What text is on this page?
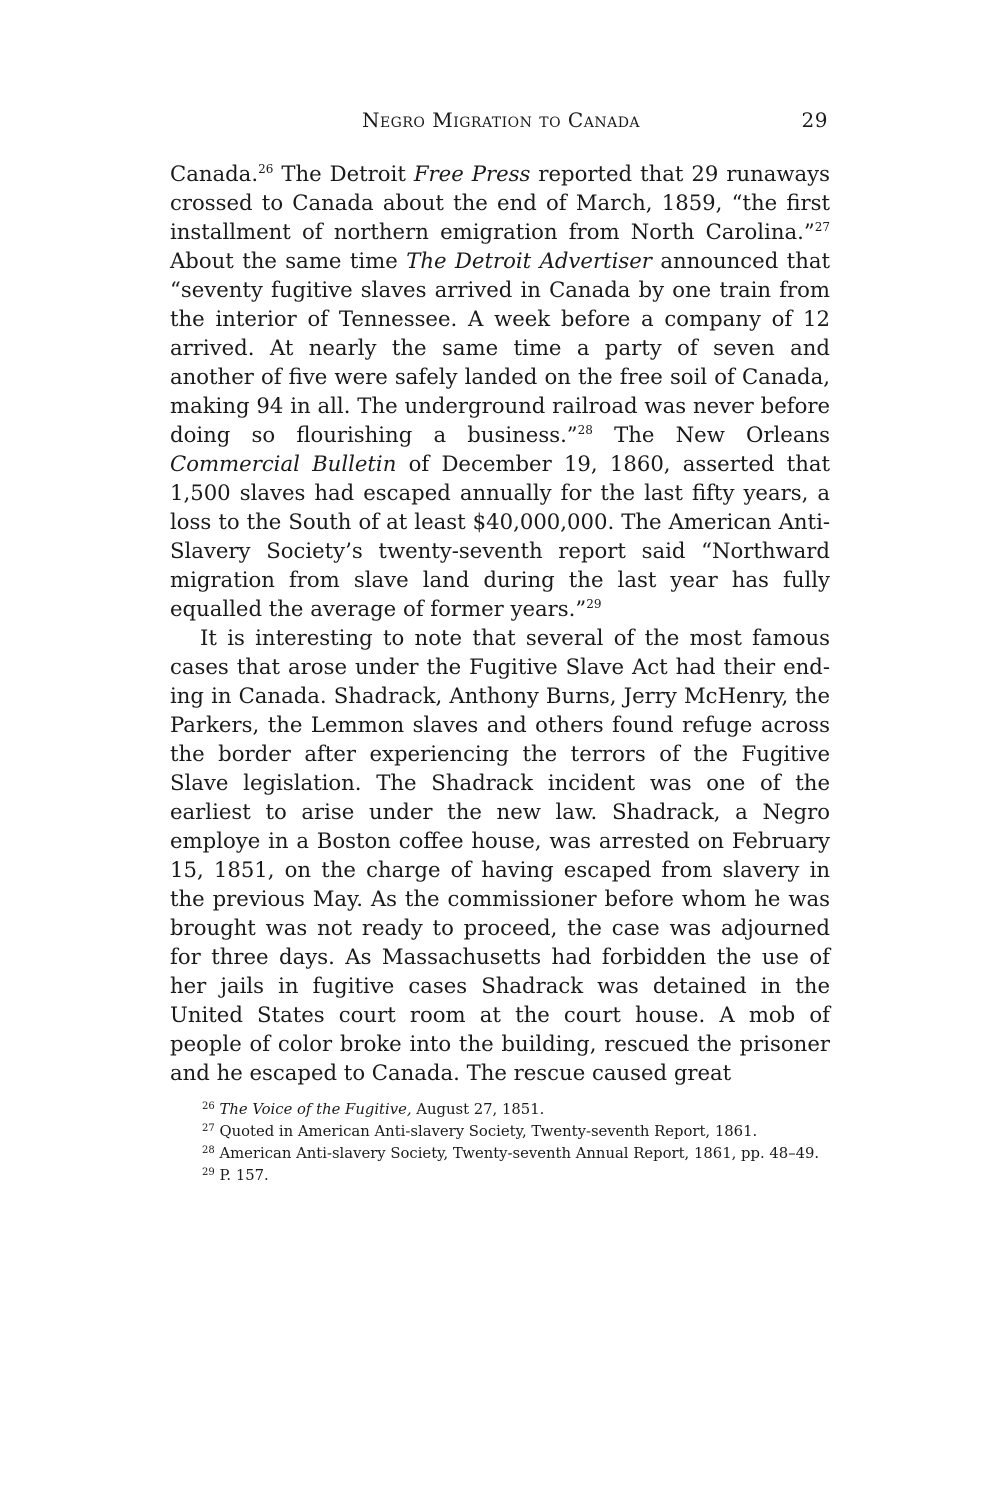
Negro Migration to Canada	29

Canada.$^{26}$ The Detroit Free Press reported that 29 runaways crossed to Canada about the end of March, 1859, “the first installment of northern emigration from North Carolina.”$^{27}$ About the same time The Detroit Advertiser announced that “seventy fugitive slaves arrived in Canada by one train from the interior of Tennessee. A week before a company of 12 arrived. At nearly the same time a party of seven and another of five were safely landed on the free soil of Canada, making 94 in all. The underground railroad was never before doing so flourishing a business.”$^{28}$ The New Orleans Commercial Bulletin of December 19, 1860, asserted that 1,500 slaves had escaped annually for the last fifty years, a loss to the South of at least $40,000,000. The American Anti-Slavery Society’s twenty-seventh report said “Northward migration from slave land during the last year has fully equalled the average of former years.”$^{29}$

It is interesting to note that several of the most famous cases that arose under the Fugitive Slave Act had their ending in Canada. Shadrack, Anthony Burns, Jerry McHenry, the Parkers, the Lemmon slaves and others found refuge across the border after experiencing the terrors of the Fugitive Slave legislation. The Shadrack incident was one of the earliest to arise under the new law. Shadrack, a Negro employe in a Boston coffee house, was arrested on February 15, 1851, on the charge of having escaped from slavery in the previous May. As the commissioner before whom he was brought was not ready to proceed, the case was adjourned for three days. As Massachusetts had forbidden the use of her jails in fugitive cases Shadrack was detained in the United States court room at the court house. A mob of people of color broke into the building, rescued the prisoner and he escaped to Canada. The rescue caused great

$^{26}$ The Voice of the Fugitive, August 27, 1851.

$^{27}$ Quoted in American Anti-slavery Society, Twenty-seventh Report, 1861.

$^{28}$ American Anti-slavery Society, Twenty-seventh Annual Report, 1861, pp. 48–49.

$^{29}$ P. 157.
